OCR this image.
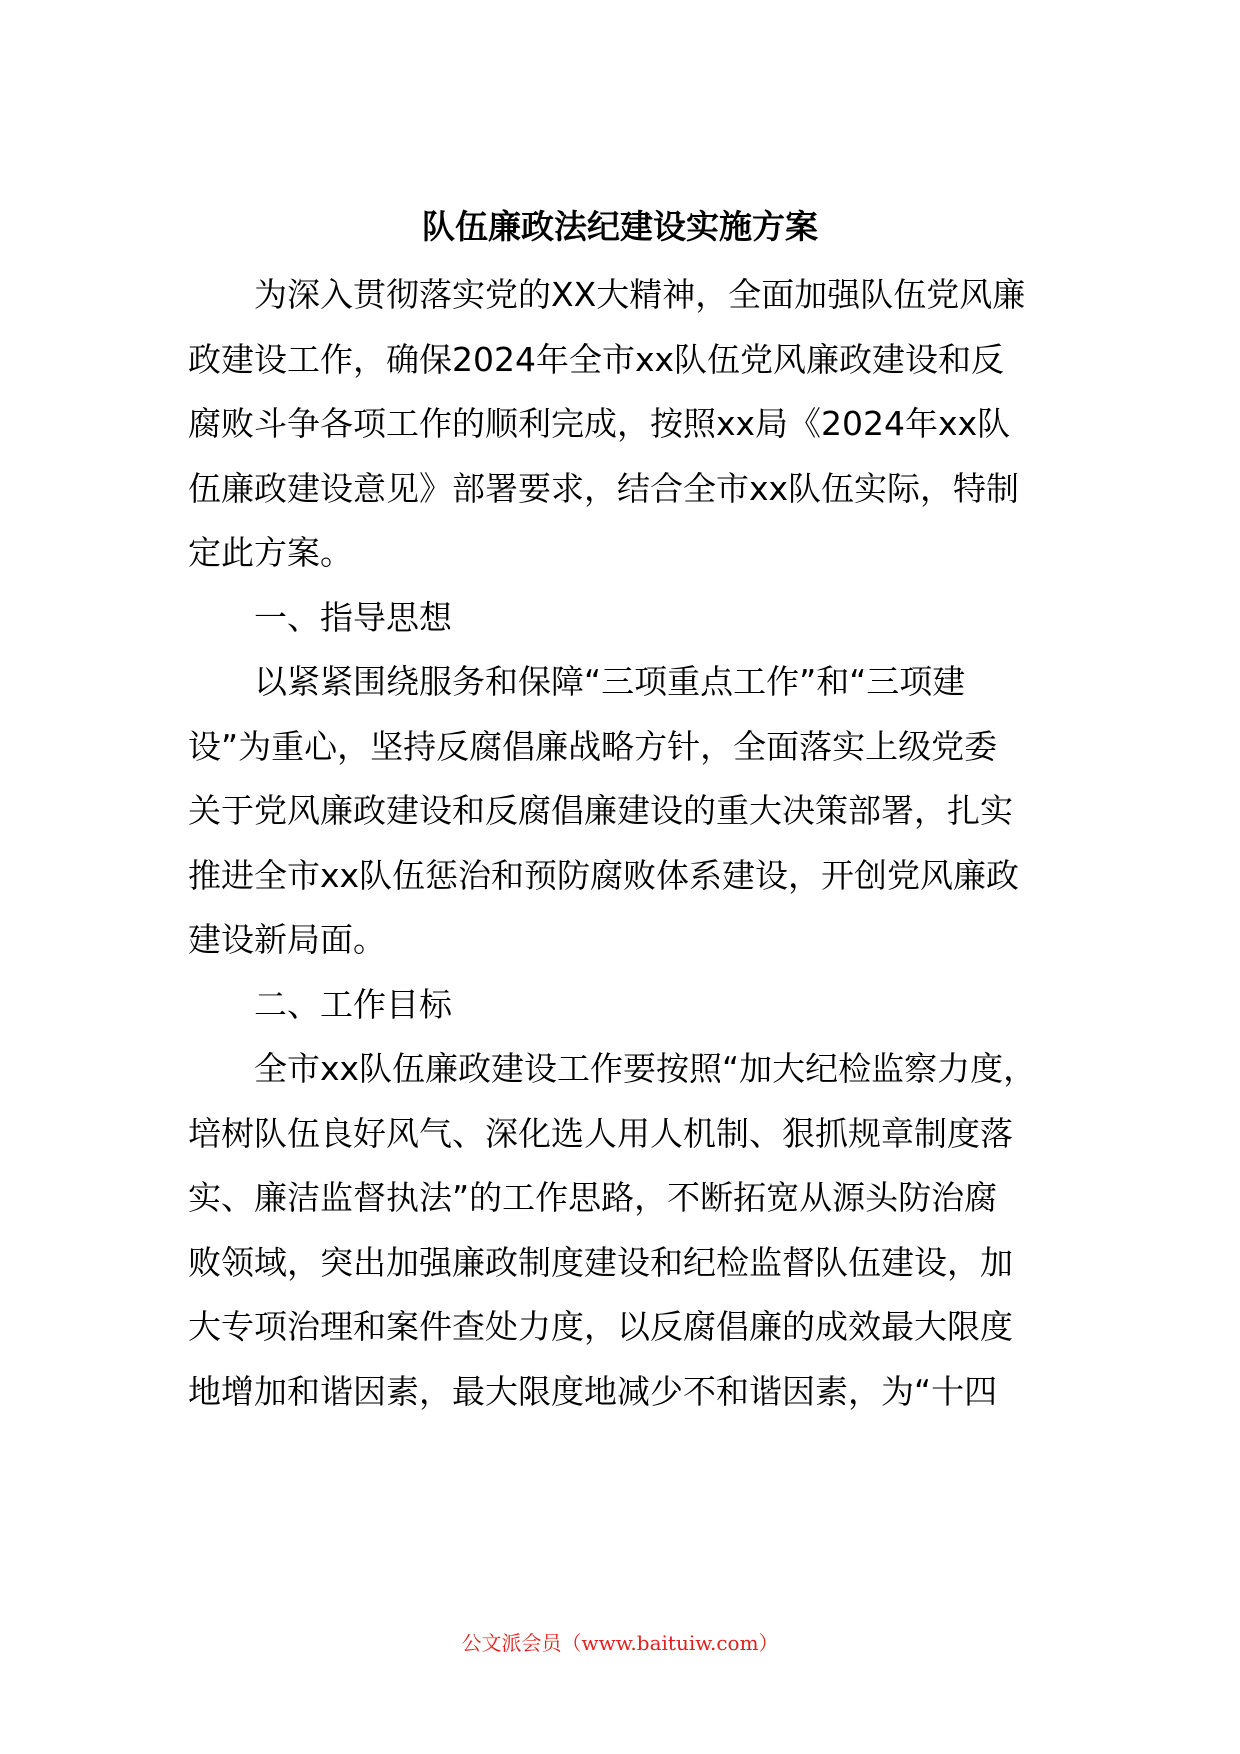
队伍廉政法纪建设实施方案
为深入贯彻落实党的XX大精神，全面加强队伍党风廉
政建设工作，确保2024年全市xx队伍党风廉政建设和反
腐败斗争各项工作的顺利完成，按照xx局《2024年xx队
伍廉政建设意见》部署要求，结合全市xx队伍实际，特制
定此方案。
一、指导思想
以紧紧围绕服务和保障“三项重点工作”和“三项建
设”为重心，坚持反腐倡廉战略方针，全面落实上级党委
关于党风廉政建设和反腐倡廉建设的重大决策部署，扎实
推进全市xx队伍惩治和预防腐败体系建设，开创党风廉政
建设新局面。
二、工作目标
全市xx队伍廉政建设工作要按照“加大纪检监察力度，
培树队伍良好风气、深化选人用人机制、狠抓规章制度落
实、廉洁监督执法”的工作思路，不断拓宽从源头防治腐
败领域，突出加强廉政制度建设和纪检监督队伍建设，加
大专项治理和案件查处力度，以反腐倡廉的成效最大限度
地增加和谐因素，最大限度地减少不和谐因素，为“十四
公文派会员（www.baituiw.com）
